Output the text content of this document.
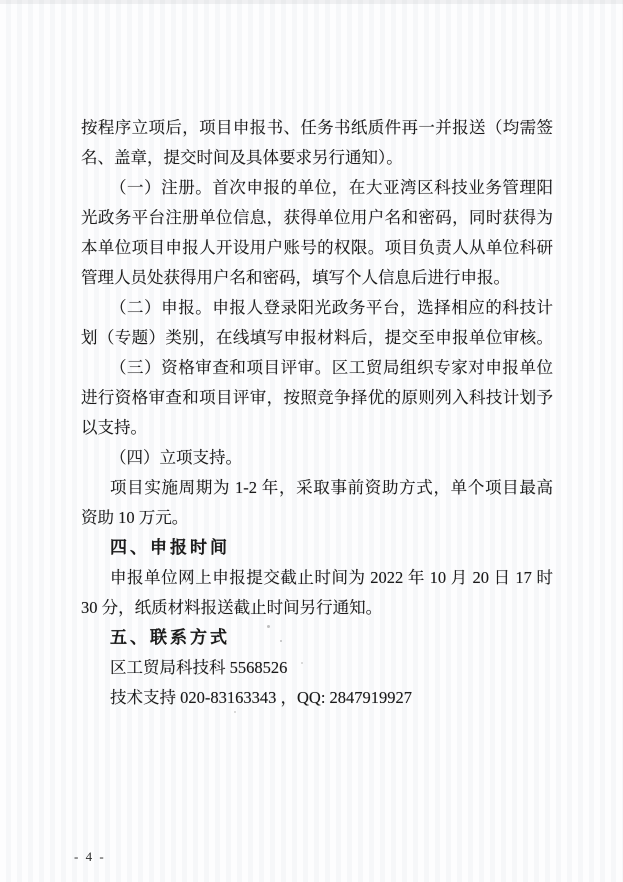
按程序立项后，项目申报书、任务书纸质件再一并报送（均需签
名、盖章，提交时间及具体要求另行通知）。
（一）注册。首次申报的单位，在大亚湾区科技业务管理阳
光政务平台注册单位信息，获得单位用户名和密码，同时获得为
本单位项目申报人开设用户账号的权限。项目负责人从单位科研
管理人员处获得用户名和密码，填写个人信息后进行申报。
（二）申报。申报人登录阳光政务平台，选择相应的科技计
划（专题）类别，在线填写申报材料后，提交至申报单位审核。
（三）资格审查和项目评审。区工贸局组织专家对申报单位
进行资格审查和项目评审，按照竞争择优的原则列入科技计划予
以支持。
（四）立项支持。
项目实施周期为 1-2 年，采取事前资助方式，单个项目最高
资助 10 万元。
四、申报时间
申报单位网上申报提交截止时间为 2022 年 10 月 20 日 17 时
30 分，纸质材料报送截止时间另行通知。
五、联系方式
区工贸局科技科 5568526
技术支持 020-83163343 ，QQ: 2847919927
- 4 -
